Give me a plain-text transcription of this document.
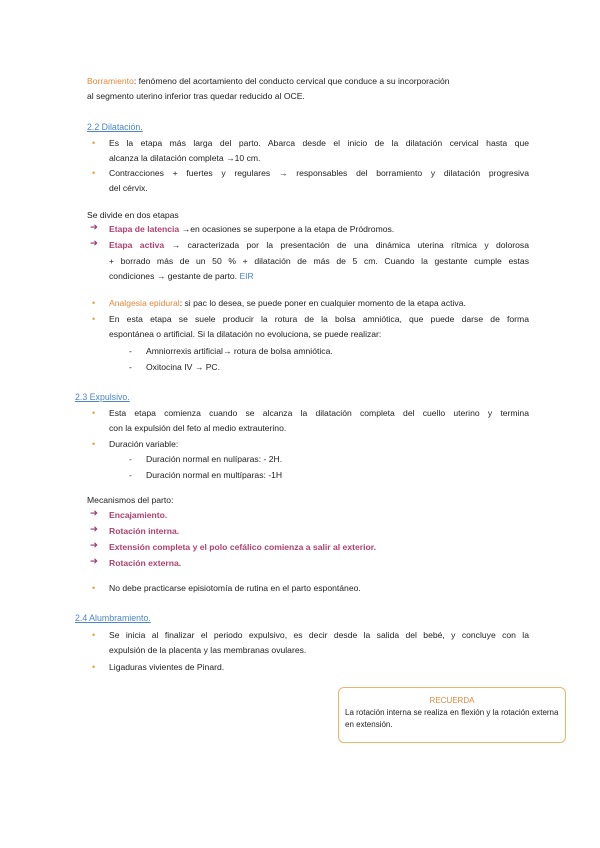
Borramiento: fenómeno del acortamiento del conducto cervical que conduce a su incorporación
al segmento uterino inferior tras quedar reducido al OCE.
2.2 Dilatación.
• Es la etapa más larga del parto. Abarca desde el inicio de la dilatación cervical hasta que
alcanza la dilatación completa →10 cm.
• Contracciones + fuertes y regulares → responsables del borramiento y dilatación progresiva
del cérvix.
Se divide en dos etapas
➔ Etapa de latencia →en ocasiones se superpone a la etapa de Pródromos.
➔ Etapa activa → caracterizada por la presentación de una dinámica uterina rítmica y dolorosa
+ borrado más de un 50 % + dilatación de más de 5 cm. Cuando la gestante cumple estas
condiciones → gestante de parto. EIR
• Analgesia epidural: si pac lo desea, se puede poner en cualquier momento de la etapa activa.
• En esta etapa se suele producir la rotura de la bolsa amniótica, que puede darse de forma
espontánea o artificial. Si la dilatación no evoluciona, se puede realizar:
- Amniorrexis artificial→ rotura de bolsa amniótica.
- Oxitocina IV → PC.
2.3 Expulsivo.
• Esta etapa comienza cuando se alcanza la dilatación completa del cuello uterino y termina
con la expulsión del feto al medio extrauterino.
• Duración variable:
- Duración normal en nulíparas: - 2H.
- Duración normal en multíparas: -1H
Mecanismos del parto:
➔ Encajamiento.
➔ Rotación interna.
➔ Extensión completa y el polo cefálico comienza a salir al exterior.
➔ Rotación externa.
• No debe practicarse episiotomía de rutina en el parto espontáneo.
2.4 Alumbramiento.
• Se inicia al finalizar el periodo expulsivo, es decir desde la salida del bebé, y concluye con la
expulsión de la placenta y las membranas ovulares.
• Ligaduras vivientes de Pinard.
RECUERDA
La rotación interna se realiza en flexión y la rotación externa en extensión.
